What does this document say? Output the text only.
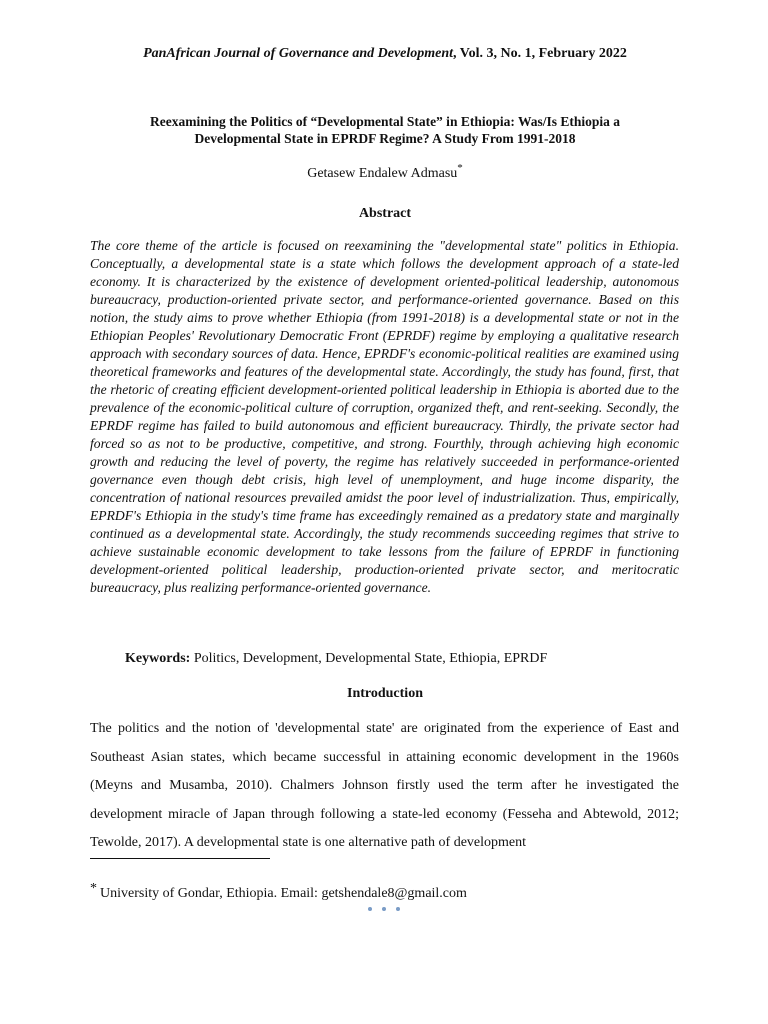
PanAfrican Journal of Governance and Development, Vol. 3, No. 1, February 2022
Reexamining the Politics of “Developmental State” in Ethiopia: Was/Is Ethiopia a
Developmental State in EPRDF Regime? A Study From 1991-2018
Getasew Endalew Admasu*
Abstract
The core theme of the article is focused on reexamining the "developmental state" politics in Ethiopia. Conceptually, a developmental state is a state which follows the development approach of a state-led economy. It is characterized by the existence of development oriented-political leadership, autonomous bureaucracy, production-oriented private sector, and performance-oriented governance. Based on this notion, the study aims to prove whether Ethiopia (from 1991-2018) is a developmental state or not in the Ethiopian Peoples' Revolutionary Democratic Front (EPRDF) regime by employing a qualitative research approach with secondary sources of data. Hence, EPRDF's economic-political realities are examined using theoretical frameworks and features of the developmental state. Accordingly, the study has found, first, that the rhetoric of creating efficient development-oriented political leadership in Ethiopia is aborted due to the prevalence of the economic-political culture of corruption, organized theft, and rent-seeking. Secondly, the EPRDF regime has failed to build autonomous and efficient bureaucracy. Thirdly, the private sector had forced so as not to be productive, competitive, and strong. Fourthly, through achieving high economic growth and reducing the level of poverty, the regime has relatively succeeded in performance-oriented governance even though debt crisis, high level of unemployment, and huge income disparity, the concentration of national resources prevailed amidst the poor level of industrialization. Thus, empirically, EPRDF's Ethiopia in the study's time frame has exceedingly remained as a predatory state and marginally continued as a developmental state. Accordingly, the study recommends succeeding regimes that strive to achieve sustainable economic development to take lessons from the failure of EPRDF in functioning development-oriented political leadership, production-oriented private sector, and meritocratic bureaucracy, plus realizing performance-oriented governance.
Keywords: Politics, Development, Developmental State, Ethiopia, EPRDF
Introduction
The politics and the notion of 'developmental state' are originated from the experience of East and Southeast Asian states, which became successful in attaining economic development in the 1960s (Meyns and Musamba, 2010). Chalmers Johnson firstly used the term after he investigated the development miracle of Japan through following a state-led economy (Fesseha and Abtewold, 2012; Tewolde, 2017). A developmental state is one alternative path of development
* University of Gondar, Ethiopia. Email: getshendale8@gmail.com
